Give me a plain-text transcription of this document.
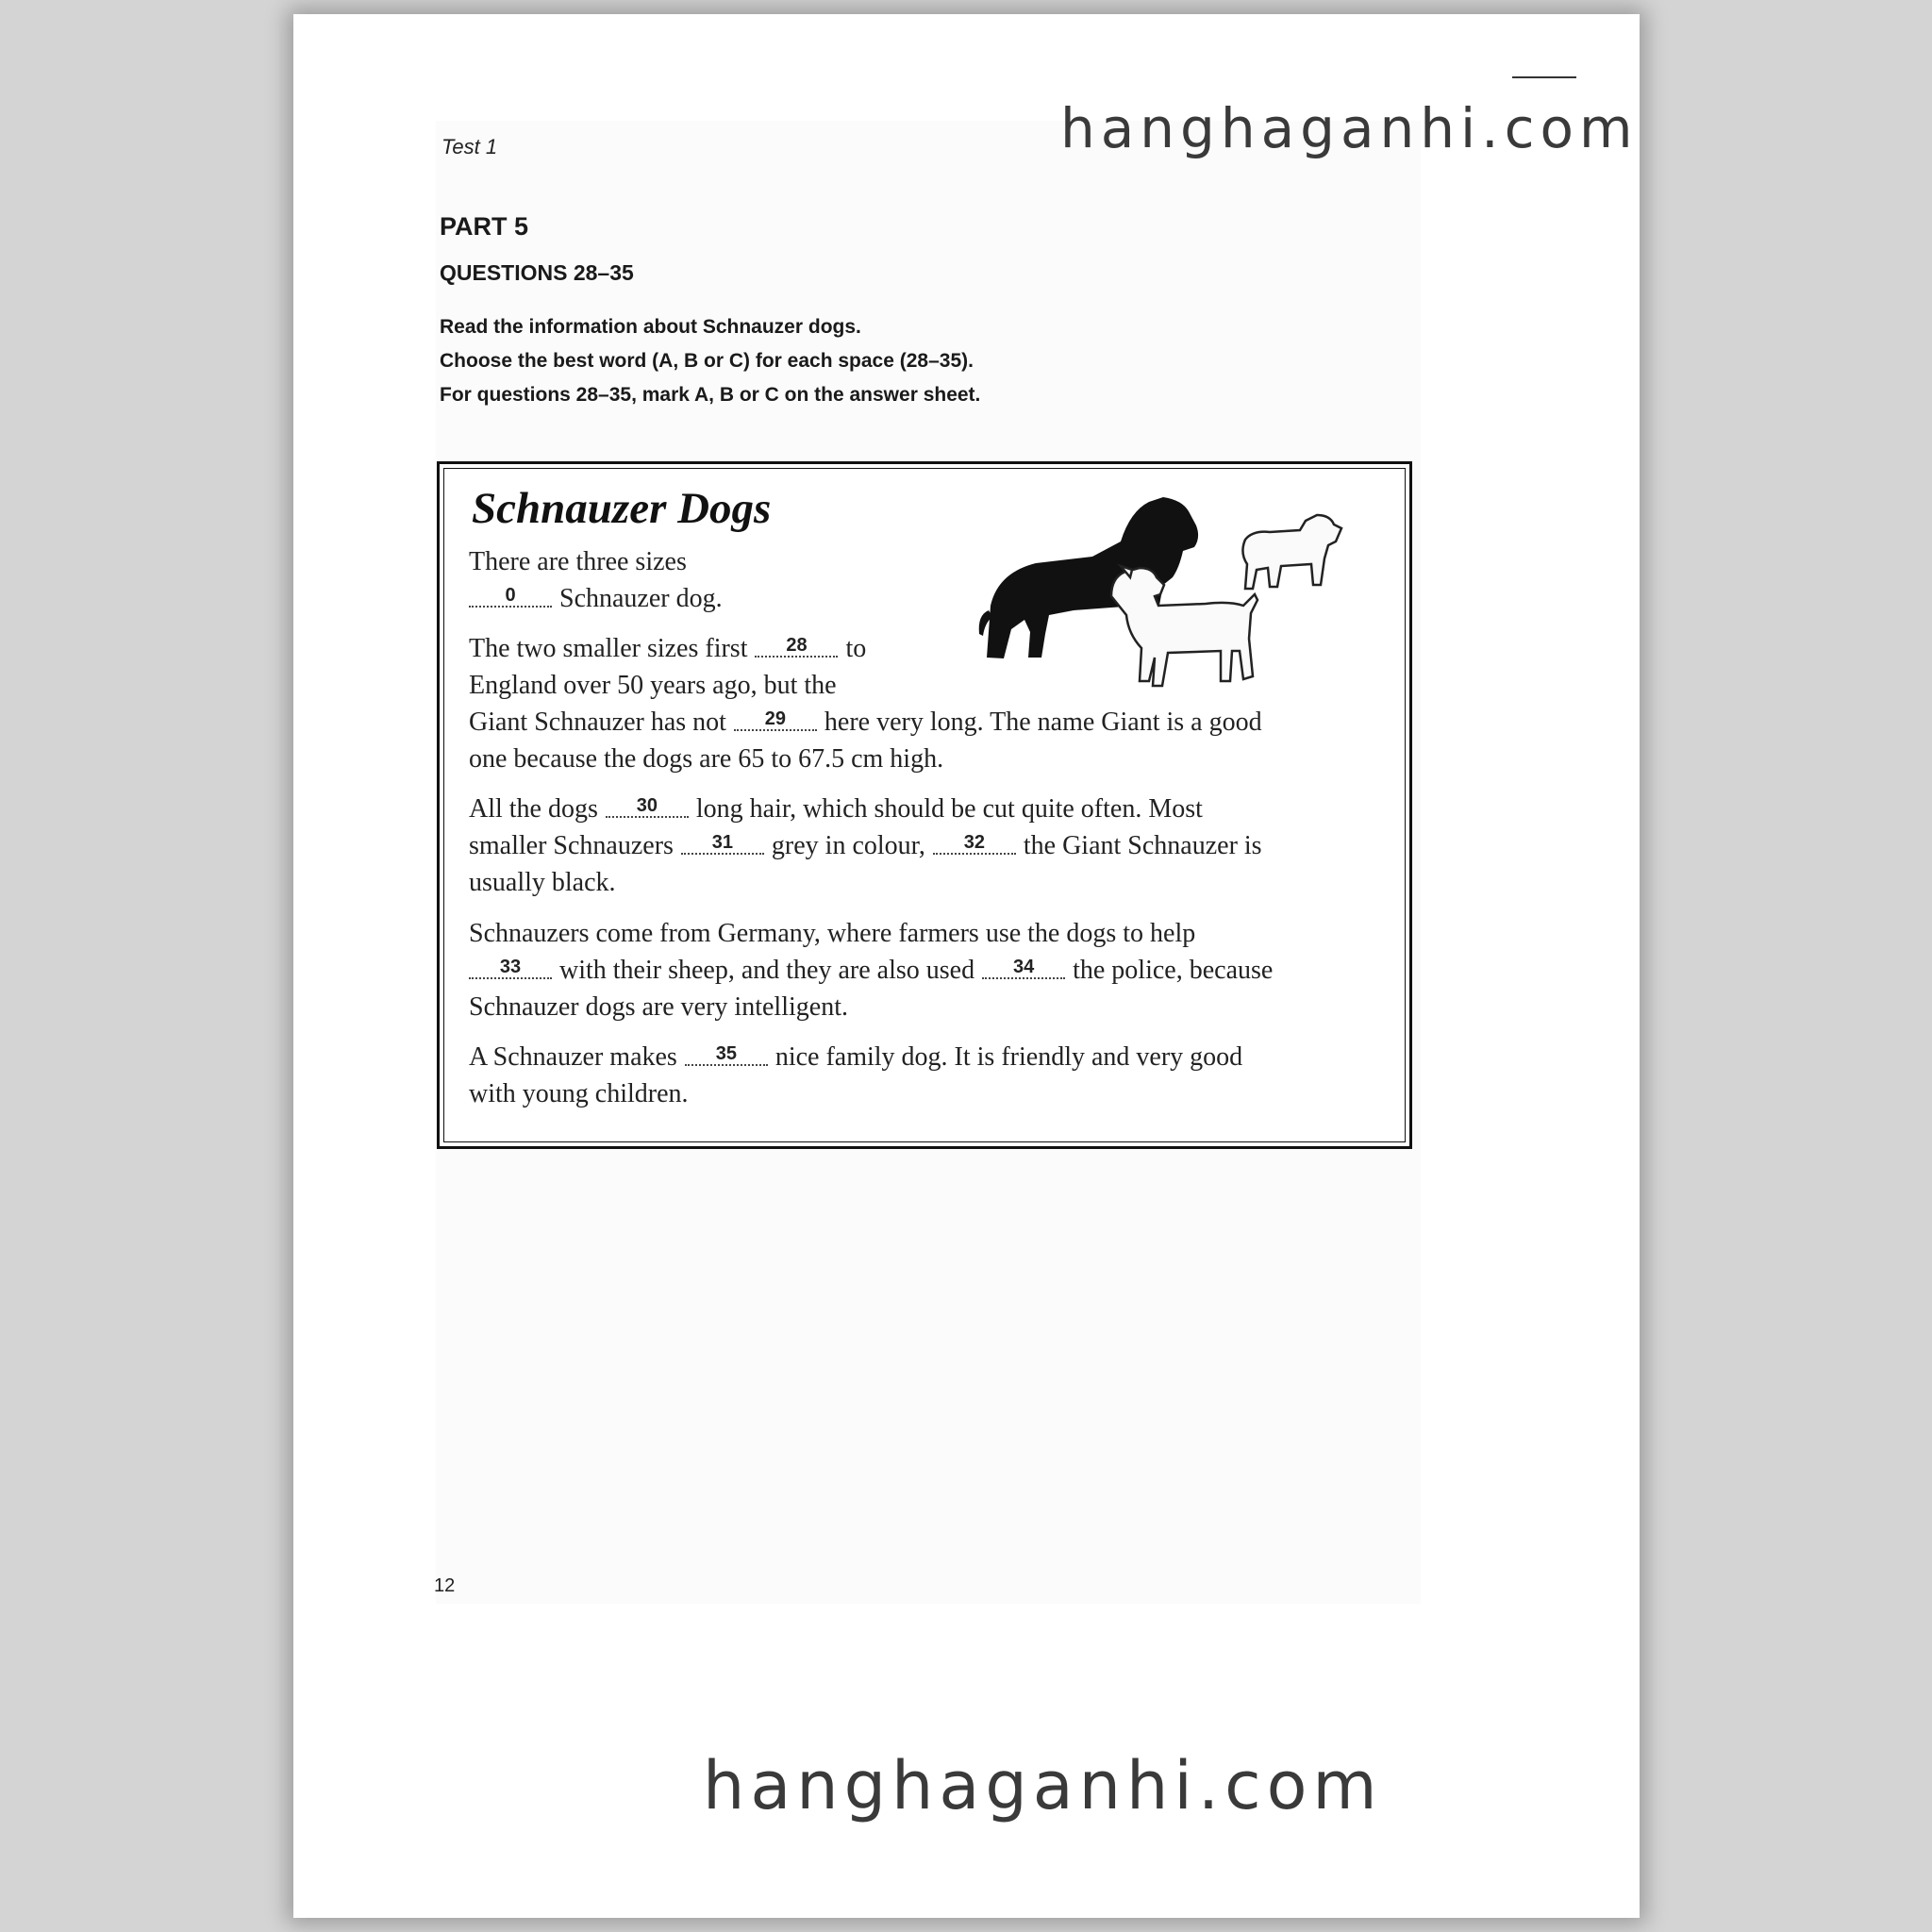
hanghaganhi.com
Test 1
PART 5
QUESTIONS 28–35
Read the information about Schnauzer dogs.
Choose the best word (A, B or C) for each space (28–35).
For questions 28–35, mark A, B or C on the answer sheet.
Schnauzer Dogs
There are three sizes
0 Schnauzer dog.
The two smaller sizes first 28 to
England over 50 years ago, but the
Giant Schnauzer has not 29 here very long. The name Giant is a good
one because the dogs are 65 to 67.5 cm high.
All the dogs 30 long hair, which should be cut quite often. Most
smaller Schnauzers 31 grey in colour, 32 the Giant Schnauzer is
usually black.
Schnauzers come from Germany, where farmers use the dogs to help
33 with their sheep, and they are also used 34 the police, because
Schnauzer dogs are very intelligent.
A Schnauzer makes 35 nice family dog. It is friendly and very good
with young children.
12
hanghaganhi.com
